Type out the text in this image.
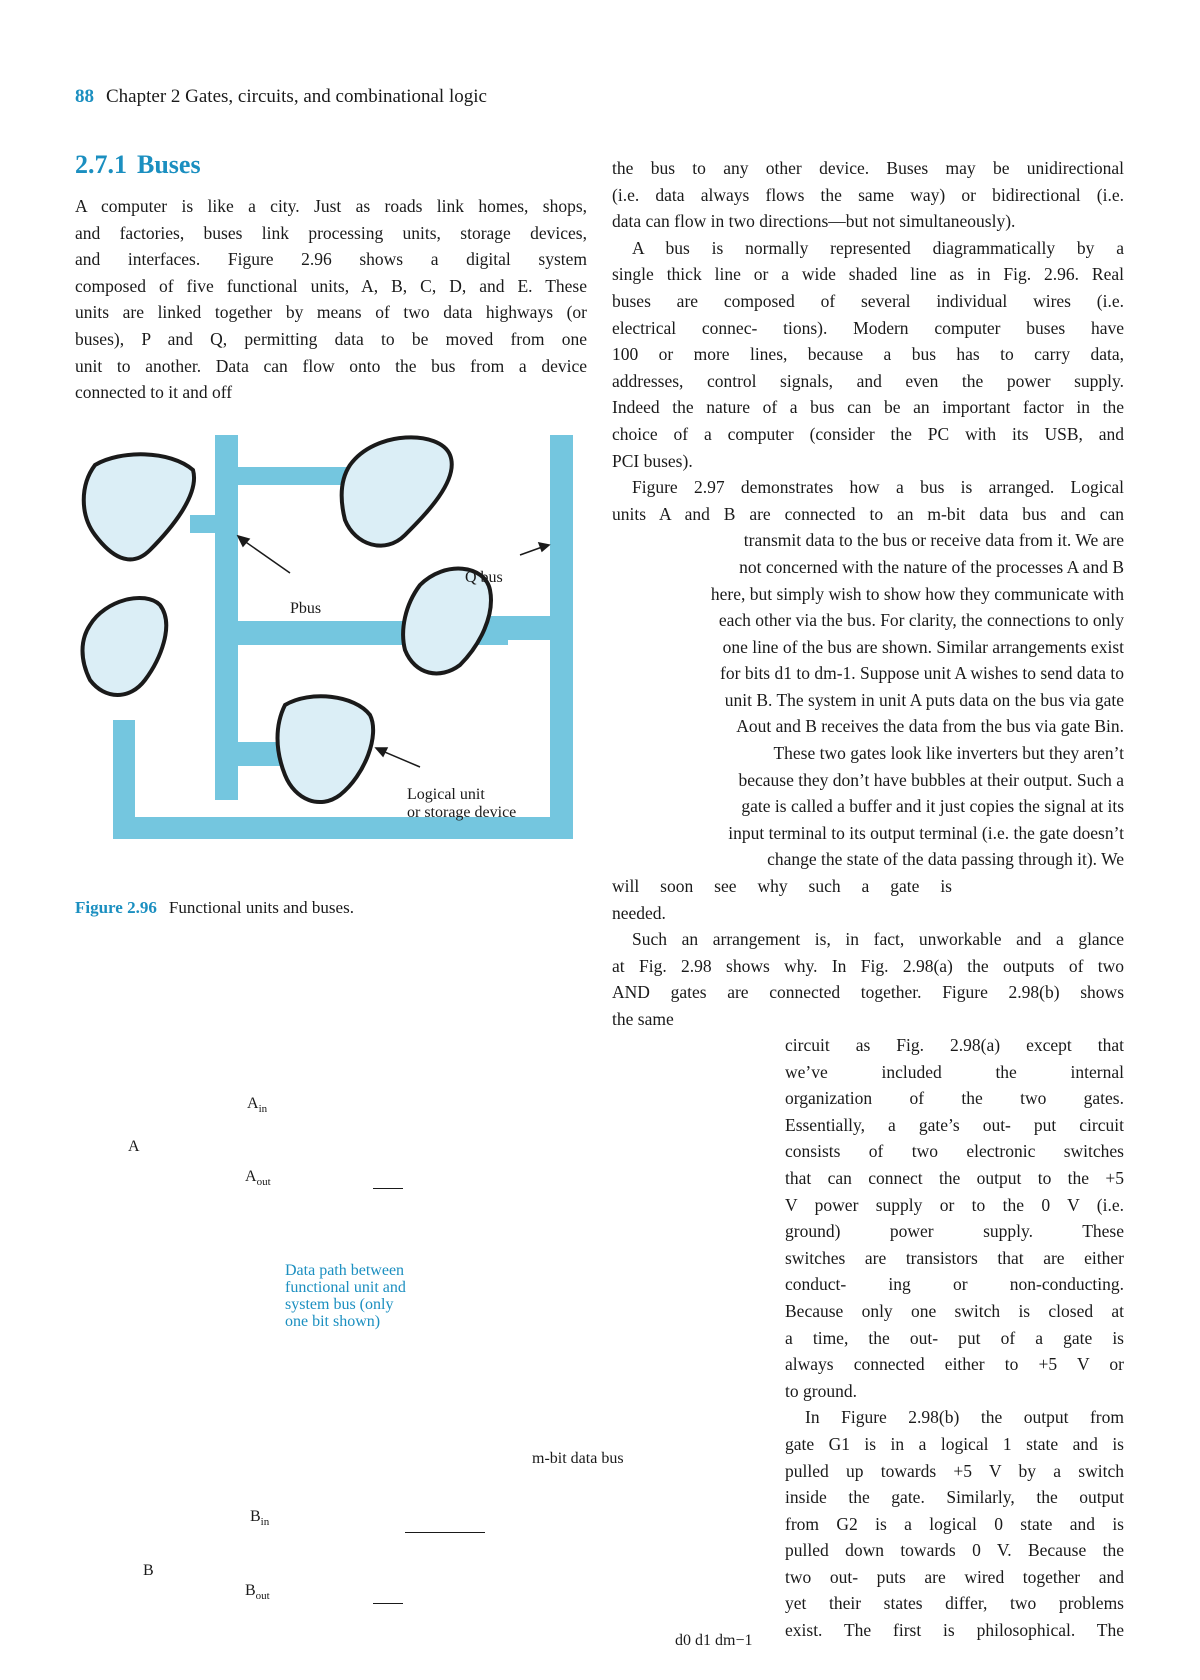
88 Chapter 2 Gates, circuits, and combinational logic
2.7.1 Buses
A computer is like a city. Just as roads link homes, shops,
and factories, buses link processing units, storage devices,
and interfaces. Figure 2.96 shows a digital system
composed of five functional units, A, B, C, D, and E. These
units are linked together by means of two data highways (or
buses), P and Q, permitting data to be moved from one
unit to another. Data can flow onto the bus from a device
connected to it and off
Pbus
Q bus
Logical unit
or storage device
Figure 2.96 Functional units and buses.
$A_{in}$
A
$A_{out}$
Data path between
functional unit and
system bus (only
one bit shown)
m-bit data bus
$B_{in}$
B
$B_{out}$
d0 d1 dm−1
the bus to any other device. Buses may be unidirectional
(i.e. data always flows the same way) or bidirectional (i.e.
data can flow in two directions—but not simultaneously).
A bus is normally represented diagrammatically by a
single thick line or a wide shaded line as in Fig. 2.96. Real
buses are composed of several individual wires (i.e.
electrical connec- tions). Modern computer buses have
100 or more lines, because a bus has to carry data,
addresses, control signals, and even the power supply.
Indeed the nature of a bus can be an important factor in the
choice of a computer (consider the PC with its USB, and
PCI buses).
Figure 2.97 demonstrates how a bus is arranged. Logical
units A and B are connected to an m-bit data bus and can
transmit data to the bus or receive data from it. We are
not concerned with the nature of the processes A and B
here, but simply wish to show how they communicate with
each other via the bus. For clarity, the connections to only
one line of the bus are shown. Similar arrangements exist
for bits d1 to dm-1. Suppose unit A wishes to send data to
unit B. The system in unit A puts data on the bus via gate
Aout and B receives the data from the bus via gate Bin.
These two gates look like inverters but they aren’t
because they don’t have bubbles at their output. Such a
gate is called a buffer and it just copies the signal at its
input terminal to its output terminal (i.e. the gate doesn’t
change the state of the data passing through it). We
will soon see why such a gate is
needed.
Such an arrangement is, in fact, unworkable and a glance
at Fig. 2.98 shows why. In Fig. 2.98(a) the outputs of two
AND gates are connected together. Figure 2.98(b) shows
the same
circuit as Fig. 2.98(a) except that
we’ve included the internal
organization of the two gates.
Essentially, a gate’s out- put circuit
consists of two electronic switches
that can connect the output to the +5
V power supply or to the 0 V (i.e.
ground) power supply. These
switches are transistors that are either
conduct- ing or non-conducting.
Because only one switch is closed at
a time, the out- put of a gate is
always connected either to +5 V or
to ground.
In Figure 2.98(b) the output from
gate G1 is in a logical 1 state and is
pulled up towards +5 V by a switch
inside the gate. Similarly, the output
from G2 is a logical 0 state and is
pulled down towards 0 V. Because the
two out- puts are wired together and
yet their states differ, two problems
exist. The first is philosophical. The
